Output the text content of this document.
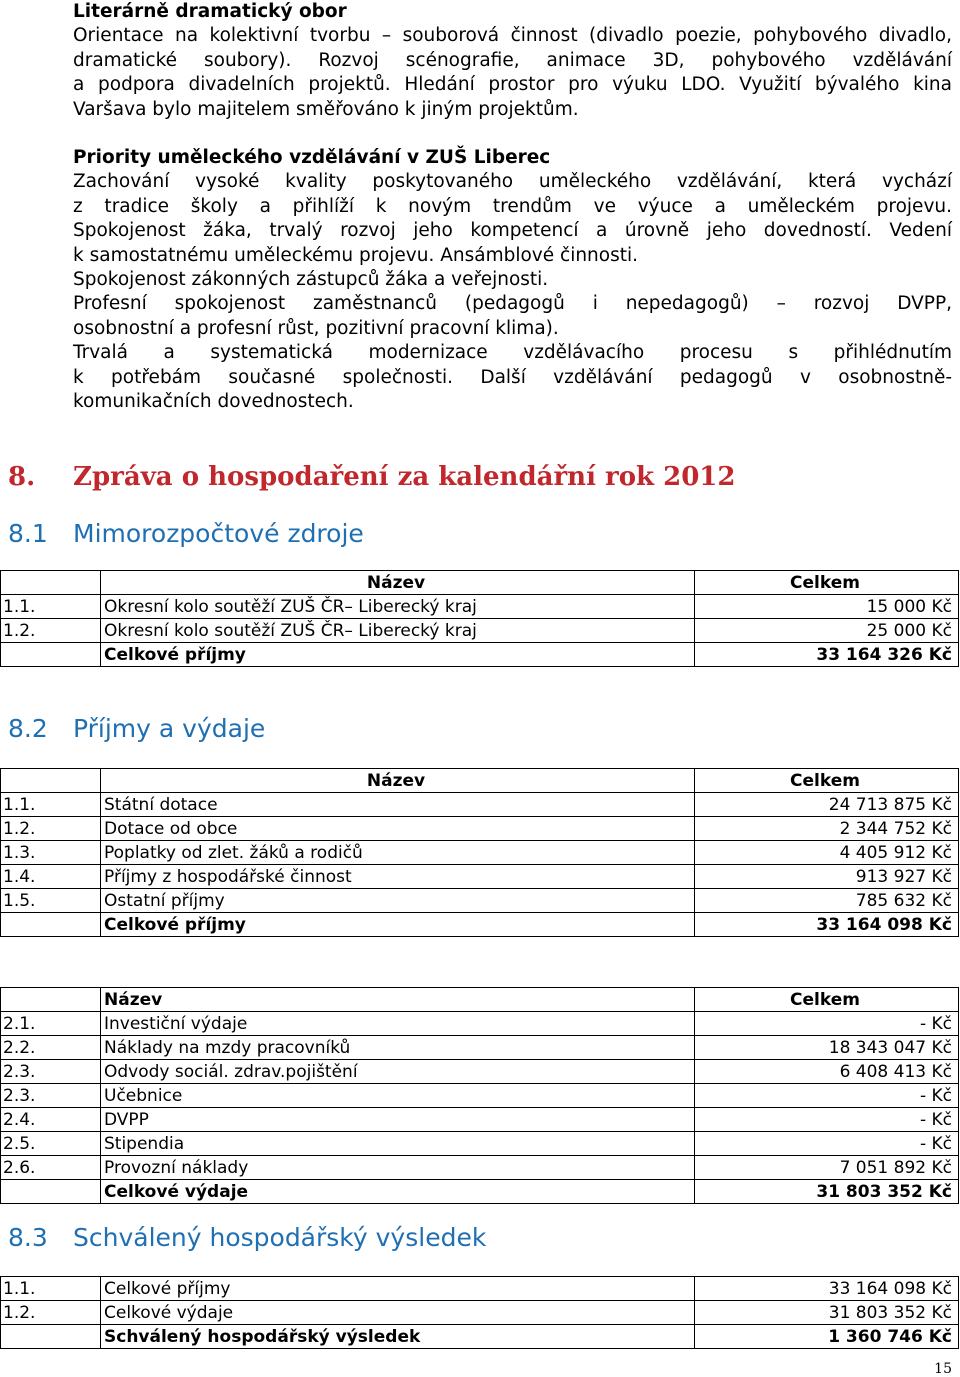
Literárně dramatický obor
Orientace na kolektivní tvorbu – souborová činnost (divadlo poezie, pohybového divadlo,
dramatické soubory). Rozvoj scénografie, animace 3D, pohybového vzdělávání
a podpora divadelních projektů. Hledání prostor pro výuku LDO. Využití bývalého kina
Varšava bylo majitelem směřováno k jiným projektům.
Priority uměleckého vzdělávání v ZUŠ Liberec
Zachování vysoké kvality poskytovaného uměleckého vzdělávání, která vychází
z tradice školy a přihlíží k novým trendům ve výuce a uměleckém projevu.
Spokojenost žáka, trvalý rozvoj jeho kompetencí a úrovně jeho dovedností. Vedení
k samostatnému uměleckému projevu. Ansámblové činnosti.
Spokojenost zákonných zástupců žáka a veřejnosti.
Profesní spokojenost zaměstnanců (pedagogů i nepedagogů) – rozvoj DVPP,
osobnostní a profesní růst, pozitivní pracovní klima).
Trvalá a systematická modernizace vzdělávacího procesu s přihlédnutím
k potřebám současné společnosti. Další vzdělávání pedagogů v osobnostně-
komunikačních dovednostech.
8. Zpráva o hospodaření za kalendářní rok 2012
8.1 Mimorozpočtové zdroje
	Název	Celkem
1.1.	Okresní kolo soutěží ZUŠ ČR– Liberecký kraj	15 000 Kč
1.2.	Okresní kolo soutěží ZUŠ ČR– Liberecký kraj	25 000 Kč
	Celkové příjmy	33 164 326 Kč
8.2 Příjmy a výdaje
	Název	Celkem
1.1.	Státní dotace	24 713 875 Kč
1.2.	Dotace od obce	2 344 752 Kč
1.3.	Poplatky od zlet. žáků a rodičů	4 405 912 Kč
1.4.	Příjmy z hospodářské činnost	913 927 Kč
1.5.	Ostatní příjmy	785 632 Kč
	Celkové příjmy	33 164 098 Kč
	Název	Celkem
2.1.	Investiční výdaje	- Kč
2.2.	Náklady na mzdy pracovníků	18 343 047 Kč
2.3.	Odvody sociál. zdrav.pojištění	6 408 413 Kč
2.3.	Učebnice	- Kč
2.4.	DVPP	- Kč
2.5.	Stipendia	- Kč
2.6.	Provozní náklady	7 051 892 Kč
	Celkové výdaje	31 803 352 Kč
8.3 Schválený hospodářský výsledek
1.1.	Celkové příjmy	33 164 098 Kč
1.2.	Celkové výdaje	31 803 352 Kč
	Schválený hospodářský výsledek	1 360 746 Kč
15
